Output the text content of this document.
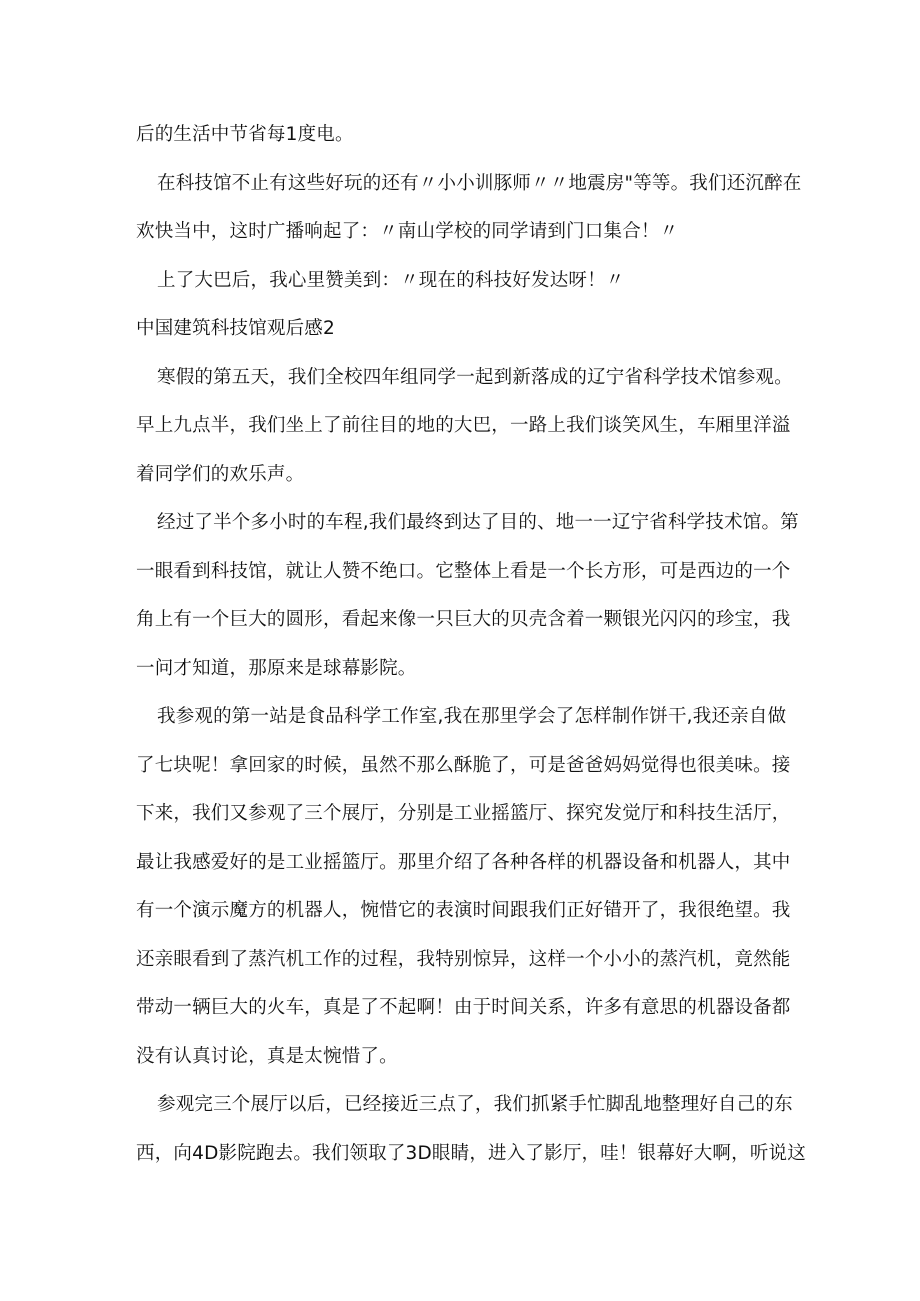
后的生活中节省每1度电。
在科技馆不止有这些好玩的还有〃小小训豚师〃〃地震房"等等。我们还沉醉在
欢快当中，这时广播响起了：〃南山学校的同学请到门口集合！〃
上了大巴后，我心里赞美到：〃现在的科技好发达呀！〃
中国建筑科技馆观后感2
寒假的第五天，我们全校四年组同学一起到新落成的辽宁省科学技术馆参观。
早上九点半，我们坐上了前往目的地的大巴，一路上我们谈笑风生，车厢里洋溢
着同学们的欢乐声。
经过了半个多小时的车程,我们最终到达了目的、地一一辽宁省科学技术馆。第
一眼看到科技馆，就让人赞不绝口。它整体上看是一个长方形，可是西边的一个
角上有一个巨大的圆形，看起来像一只巨大的贝壳含着一颗银光闪闪的珍宝，我
一问才知道，那原来是球幕影院。
我参观的第一站是食品科学工作室,我在那里学会了怎样制作饼干,我还亲自做
了七块呢！拿回家的时候，虽然不那么酥脆了，可是爸爸妈妈觉得也很美味。接
下来，我们又参观了三个展厅，分别是工业摇篮厅、探究发觉厅和科技生活厅，
最让我感爱好的是工业摇篮厅。那里介绍了各种各样的机器设备和机器人，其中
有一个演示魔方的机器人，惋惜它的表演时间跟我们正好错开了，我很绝望。我
还亲眼看到了蒸汽机工作的过程，我特别惊异，这样一个小小的蒸汽机，竟然能
带动一辆巨大的火车，真是了不起啊！由于时间关系，许多有意思的机器设备都
没有认真讨论，真是太惋惜了。
参观完三个展厅以后，已经接近三点了，我们抓紧手忙脚乱地整理好自己的东
西，向4D影院跑去。我们领取了3D眼睛，进入了影厅，哇！银幕好大啊，听说这
